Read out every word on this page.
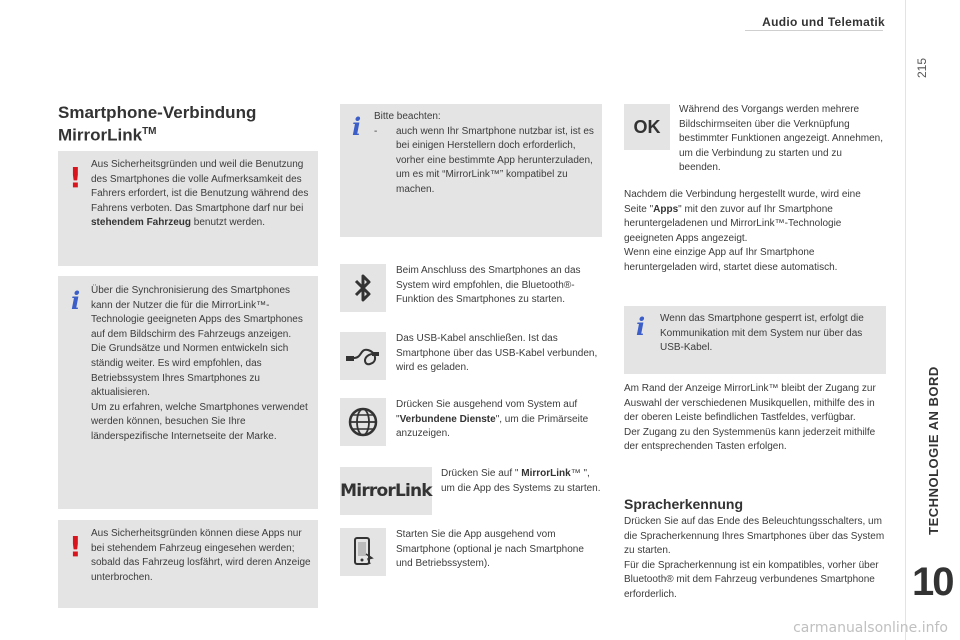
Audio und Telematik
215
TECHNOLOGIE AN BORD
10
Smartphone-Verbindung
MirrorLink™
! Aus Sicherheitsgründen und weil die Benutzung des Smartphones die volle Aufmerksamkeit des Fahrers erfordert, ist die Benutzung während des Fahrens verboten. Das Smartphone darf nur bei stehendem Fahrzeug benutzt werden.
i Über die Synchronisierung des Smartphones kann der Nutzer die für die MirrorLink™-Technologie geeigneten Apps des Smartphones auf dem Bildschirm des Fahrzeugs anzeigen.
Die Grundsätze und Normen entwickeln sich ständig weiter. Es wird empfohlen, das Betriebssystem Ihres Smartphones zu aktualisieren.
Um zu erfahren, welche Smartphones verwendet werden können, besuchen Sie Ihre länderspezifische Internetseite der Marke.
! Aus Sicherheitsgründen können diese Apps nur bei stehendem Fahrzeug eingesehen werden; sobald das Fahrzeug losfährt, wird deren Anzeige unterbrochen.
i Bitte beachten:
-	auch wenn Ihr Smartphone nutzbar ist, ist es bei einigen Herstellern doch erforderlich, vorher eine bestimmte App herunterzuladen, um es mit “MirrorLink™” kompatibel zu machen.
Beim Anschluss des Smartphones an das System wird empfohlen, die Bluetooth®-Funktion des Smartphones zu starten.
Das USB-Kabel anschließen. Ist das Smartphone über das USB-Kabel verbunden, wird es geladen.
Drücken Sie ausgehend vom System auf "Verbundene Dienste", um die Primärseite anzuzeigen.
MirrorLink
Drücken Sie auf " MirrorLink™ ", um die App des Systems zu starten.
Starten Sie die App ausgehend vom Smartphone (optional je nach Smartphone und Betriebssystem).
OK
Während des Vorgangs werden mehrere Bildschirmseiten über die Verknüpfung bestimmter Funktionen angezeigt. Annehmen, um die Verbindung zu starten und zu beenden.
Nachdem die Verbindung hergestellt wurde, wird eine Seite "Apps" mit den zuvor auf Ihr Smartphone heruntergeladenen und MirrorLink™-Technologie geeigneten Apps angezeigt.
Wenn eine einzige App auf Ihr Smartphone heruntergeladen wird, startet diese automatisch.
i Wenn das Smartphone gesperrt ist, erfolgt die Kommunikation mit dem System nur über das USB-Kabel.
Am Rand der Anzeige MirrorLink™ bleibt der Zugang zur Auswahl der verschiedenen Musikquellen, mithilfe des in der oberen Leiste befindlichen Tastfeldes, verfügbar.
Der Zugang zu den Systemmenüs kann jederzeit mithilfe der entsprechenden Tasten erfolgen.
Spracherkennung
Drücken Sie auf das Ende des Beleuchtungsschalters, um die Spracherkennung Ihres Smartphones über das System zu starten.
Für die Spracherkennung ist ein kompatibles, vorher über Bluetooth® mit dem Fahrzeug verbundenes Smartphone erforderlich.
carmanualsonline.info
